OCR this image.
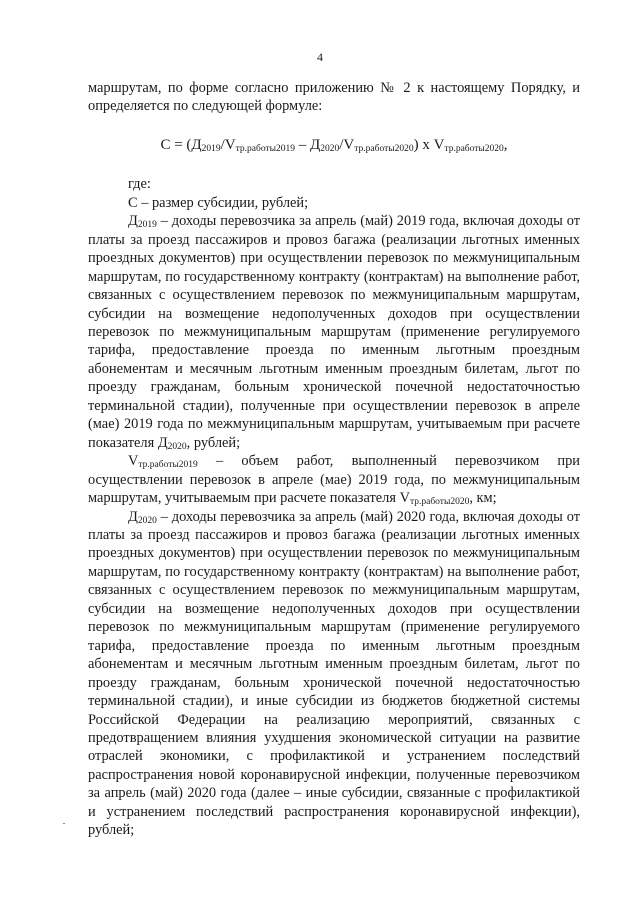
4

маршрутам, по форме согласно приложению № 2 к настоящему Порядку, и определяется по следующей формуле:

$С = (Д_{2019}/V_{тр.работы2019} - Д_{2020}/V_{тр.работы2020})$ х $V_{тр.работы2020}$,

где:

С – размер субсидии, рублей;

$Д_{2019}$ – доходы перевозчика за апрель (май) 2019 года, включая доходы от платы за проезд пассажиров и провоз багажа (реализации льготных именных проездных документов) при осуществлении перевозок по межмуниципальным маршрутам, по государственному контракту (контрактам) на выполнение работ, связанных с осуществлением перевозок по межмуниципальным маршрутам, субсидии на возмещение недополученных доходов при осуществлении перевозок по межмуниципальным маршрутам (применение регулируемого тарифа, предоставление проезда по именным льготным проездным абонементам и месячным льготным именным проездным билетам, льгот по проезду гражданам, больным хронической почечной недостаточностью терминальной стадии), полученные при осуществлении перевозок в апреле (мае) 2019 года по межмуниципальным маршрутам, учитываемым при расчете показателя $Д_{2020}$, рублей;

$V_{тр.работы2019}$ – объем работ, выполненный перевозчиком при осуществлении перевозок в апреле (мае) 2019 года, по межмуниципальным маршрутам, учитываемым при расчете показателя $V_{тр.работы2020}$, км;

$Д_{2020}$ – доходы перевозчика за апрель (май) 2020 года, включая доходы от платы за проезд пассажиров и провоз багажа (реализации льготных именных проездных документов) при осуществлении перевозок по межмуниципальным маршрутам, по государственному контракту (контрактам) на выполнение работ, связанных с осуществлением перевозок по межмуниципальным маршрутам, субсидии на возмещение недополученных доходов при осуществлении перевозок по межмуниципальным маршрутам (применение регулируемого тарифа, предоставление проезда по именным льготным проездным абонементам и месячным льготным именным проездным билетам, льгот по проезду гражданам, больным хронической почечной недостаточностью терминальной стадии), и иные субсидии из бюджетов бюджетной системы Российской Федерации на реализацию мероприятий, связанных с предотвращением влияния ухудшения экономической ситуации на развитие отраслей экономики, с профилактикой и устранением последствий распространения новой коронавирусной инфекции, полученные перевозчиком за апрель (май) 2020 года (далее – иные субсидии, связанные с профилактикой и устранением последствий распространения коронавирусной инфекции), рублей;
